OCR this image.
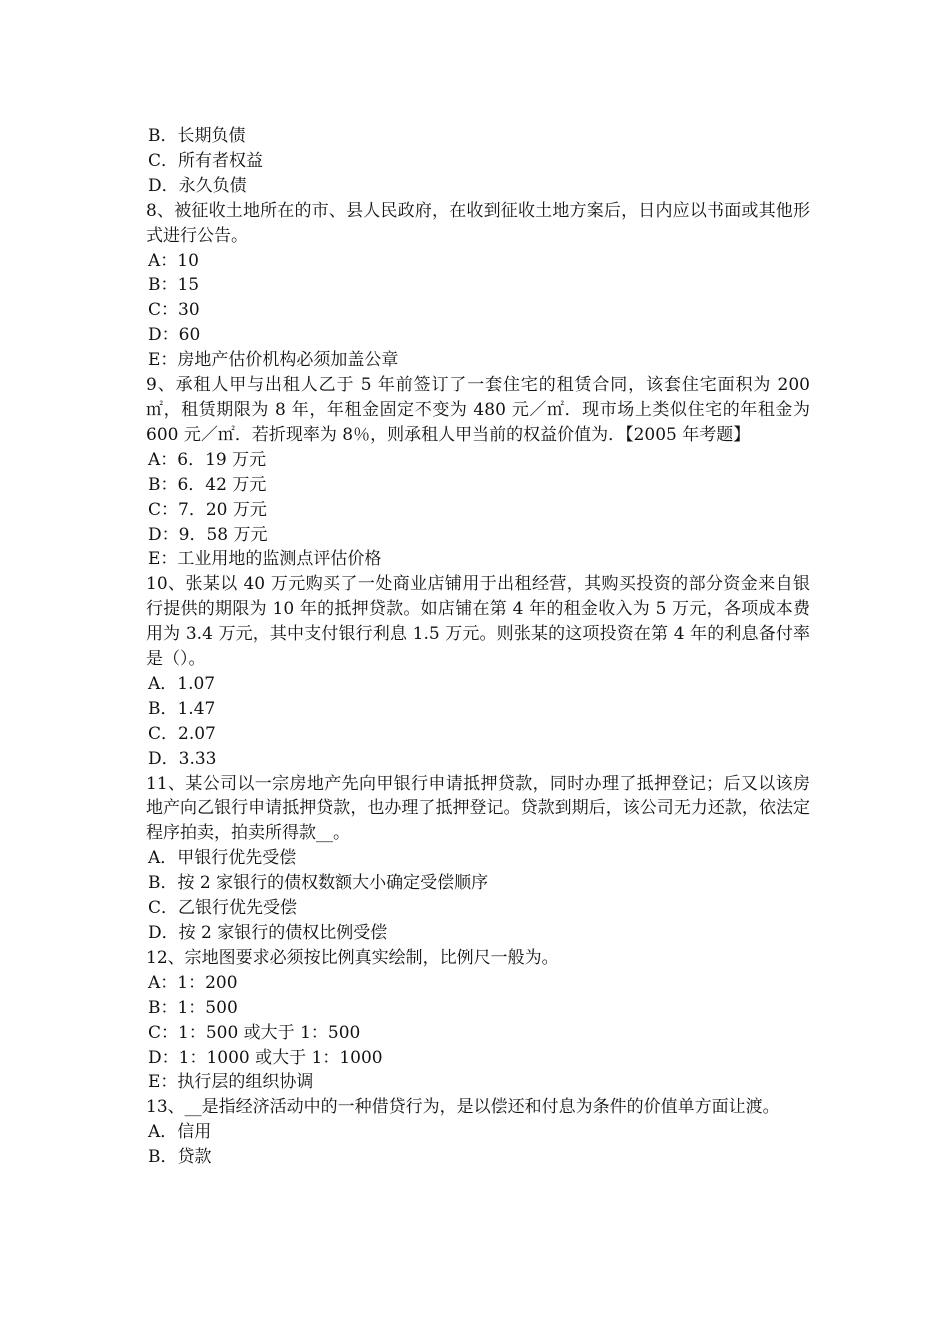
B．长期负债
C．所有者权益
D．永久负债
8、被征收土地所在的市、县人民政府，在收到征收土地方案后，日内应以书面或其他形式进行公告。
A：10
B：15
C：30
D：60
E：房地产估价机构必须加盖公章
9、承租人甲与出租人乙于 5 年前签订了一套住宅的租赁合同，该套住宅面积为 200㎡，租赁期限为 8 年，年租金固定不变为 480 元／㎡．现市场上类似住宅的年租金为 600 元／㎡．若折现率为 8％，则承租人甲当前的权益价值为．【2005 年考题】
A：6．19 万元
B：6．42 万元
C：7．20 万元
D：9．58 万元
E：工业用地的监测点评估价格
10、张某以 40 万元购买了一处商业店铺用于出租经营，其购买投资的部分资金来自银行提供的期限为 10 年的抵押贷款。如店铺在第 4 年的租金收入为 5 万元，各项成本费用为 3.4 万元，其中支付银行利息 1.5 万元。则张某的这项投资在第 4 年的利息备付率是（）。
A．1.07
B．1.47
C．2.07
D．3.33
11、某公司以一宗房地产先向甲银行申请抵押贷款，同时办理了抵押登记；后又以该房地产向乙银行申请抵押贷款，也办理了抵押登记。贷款到期后，该公司无力还款，依法定程序拍卖，拍卖所得款__。
A．甲银行优先受偿
B．按 2 家银行的债权数额大小确定受偿顺序
C．乙银行优先受偿
D．按 2 家银行的债权比例受偿
12、宗地图要求必须按比例真实绘制，比例尺一般为。
A：1：200
B：1：500
C：1：500 或大于 1：500
D：1：1000 或大于 1：1000
E：执行层的组织协调
13、__是指经济活动中的一种借贷行为，是以偿还和付息为条件的价值单方面让渡。
A．信用
B．贷款
